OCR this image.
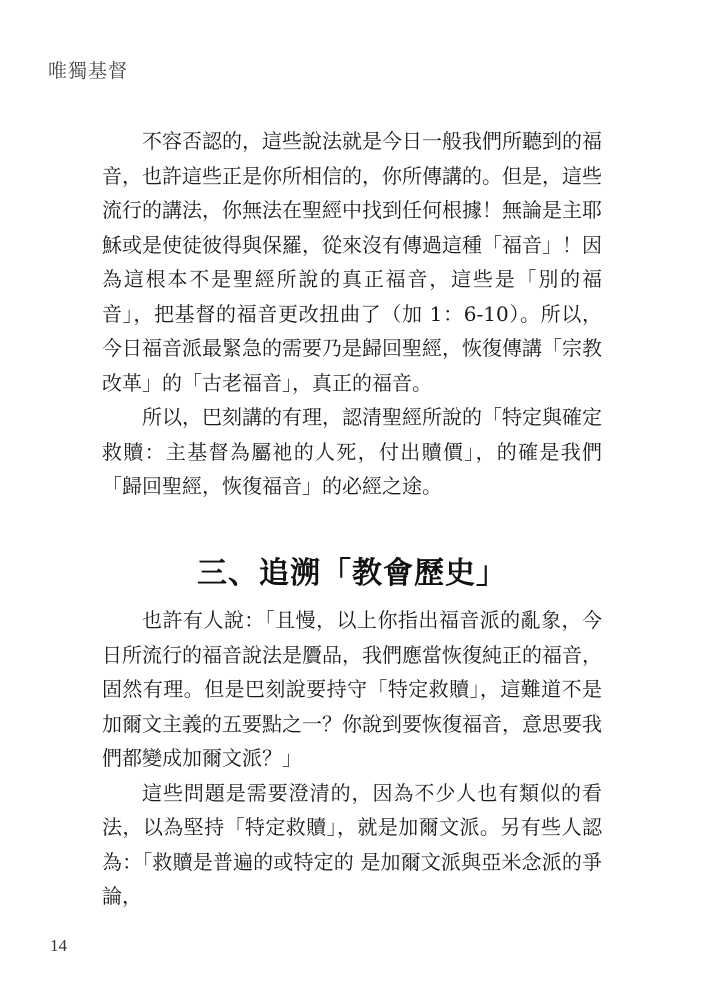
唯獨基督

不容否認的，這些說法就是今日一般我們所聽到的福音，也許這些正是你所相信的，你所傳講的。但是，這些流行的講法，你無法在聖經中找到任何根據！無論是主耶穌或是使徒彼得與保羅，從來沒有傳過這種「福音」！因為這根本不是聖經所說的真正福音，這些是「別的福音」，把基督的福音更改扭曲了（加 1：6-10）。所以，今日福音派最緊急的需要乃是歸回聖經，恢復傳講「宗教改革」的「古老福音」，真正的福音。

所以，巴刻講的有理，認清聖經所說的「特定與確定救贖：主基督為屬祂的人死，付出贖價」，的確是我們「歸回聖經，恢復福音」的必經之途。

三、追溯「教會歷史」

也許有人說：「且慢，以上你指出福音派的亂象，今日所流行的福音說法是贗品，我們應當恢復純正的福音，固然有理。但是巴刻說要持守「特定救贖」，這難道不是加爾文主義的五要點之一？你說到要恢復福音，意思要我們都變成加爾文派？」

這些問題是需要澄清的，因為不少人也有類似的看法，以為堅持「特定救贖」，就是加爾文派。另有些人認為：「救贖是普遍的或特定的 是加爾文派與亞米念派的爭論，

14
